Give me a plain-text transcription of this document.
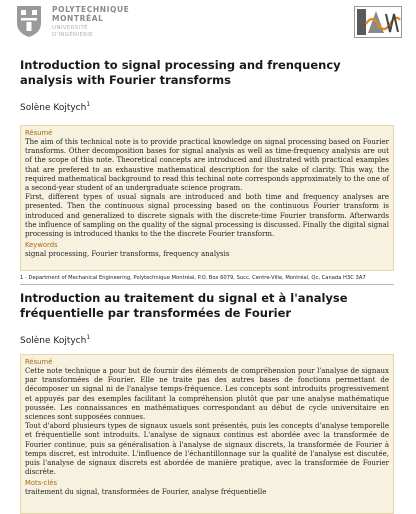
POLYTECHNIQUE
MONTRÉAL
UNIVERSITÉ
D'INGÉNIERIE
Introduction to signal processing and frenquency analysis with Fourier transforms
Solène Kojtych$^1$
Résumé

The aim of this technical note is to provide practical knowledge on signal processing based on Fourier transforms. Other decomposition bases for signal analysis as well as time-frequency analysis are out of the scope of this note. Theoretical concepts are introduced and illustrated with practical examples that are prefered to an exhaustive mathematical description for the sake of clarity. This way, the required mathematical background to read this techinal note corresponds approximately to the one of a second-year student of an undergraduate science program.

First, different types of usual signals are introduced and both time and frequency analyses are presented. Then the continuous signal processing based on the continuous Fourier transform is introduced and generalized to discrete signals with the discrete-time Fourier transform. Afterwards the influence of sampling on the quality of the signal processing is discussed. Finally the digital signal processing is introduced thanks to the the discrete Fourier transform.

Keywords
signal processing, Fourier transforms, frequency analysis
1 - Department of Mechanical Engineering, Polytechnique Montréal, P.O. Box 6079, Succ. Centre-Ville, Montréal, Qc, Canada H3C 3A7
Introduction au traitement du signal et à l'analyse fréquentielle par transformées de Fourier
Solène Kojtych$^1$
Résumé

Cette note technique a pour but de fournir des éléments de compréhension pour l'analyse de signaux par transformées de Fourier. Elle ne traite pas des autres bases de fonctions permettant de décomposer un signal ni de l'analyse temps-fréquence. Les concepts sont introduits progressivement et appuyés par des exemples facilitant la compréhension plutôt que par une analyse mathématique poussée. Les connaissances en mathématiques correspondant au début de cycle universitaire en sciences sont supposées connues.

Tout d'abord plusieurs types de signaux usuels sont présentés, puis les concepts d'analyse temporelle et fréquentielle sont introduits. L'analyse de signaux continus est abordée avec la transformée de Fourier continue, puis sa généralisation à l'analyse de signaux discrets, la transformée de Fourier à temps discret, est introduite. L'influence de l'échantillonnage sur la qualité de l'analyse est discutée, puis l'analyse de signaux discrets est abordée de manière pratique, avec la transformée de Fourier discrète.

Mots-clés
traitement du signal, transformées de Fourier, analyse fréquentielle
